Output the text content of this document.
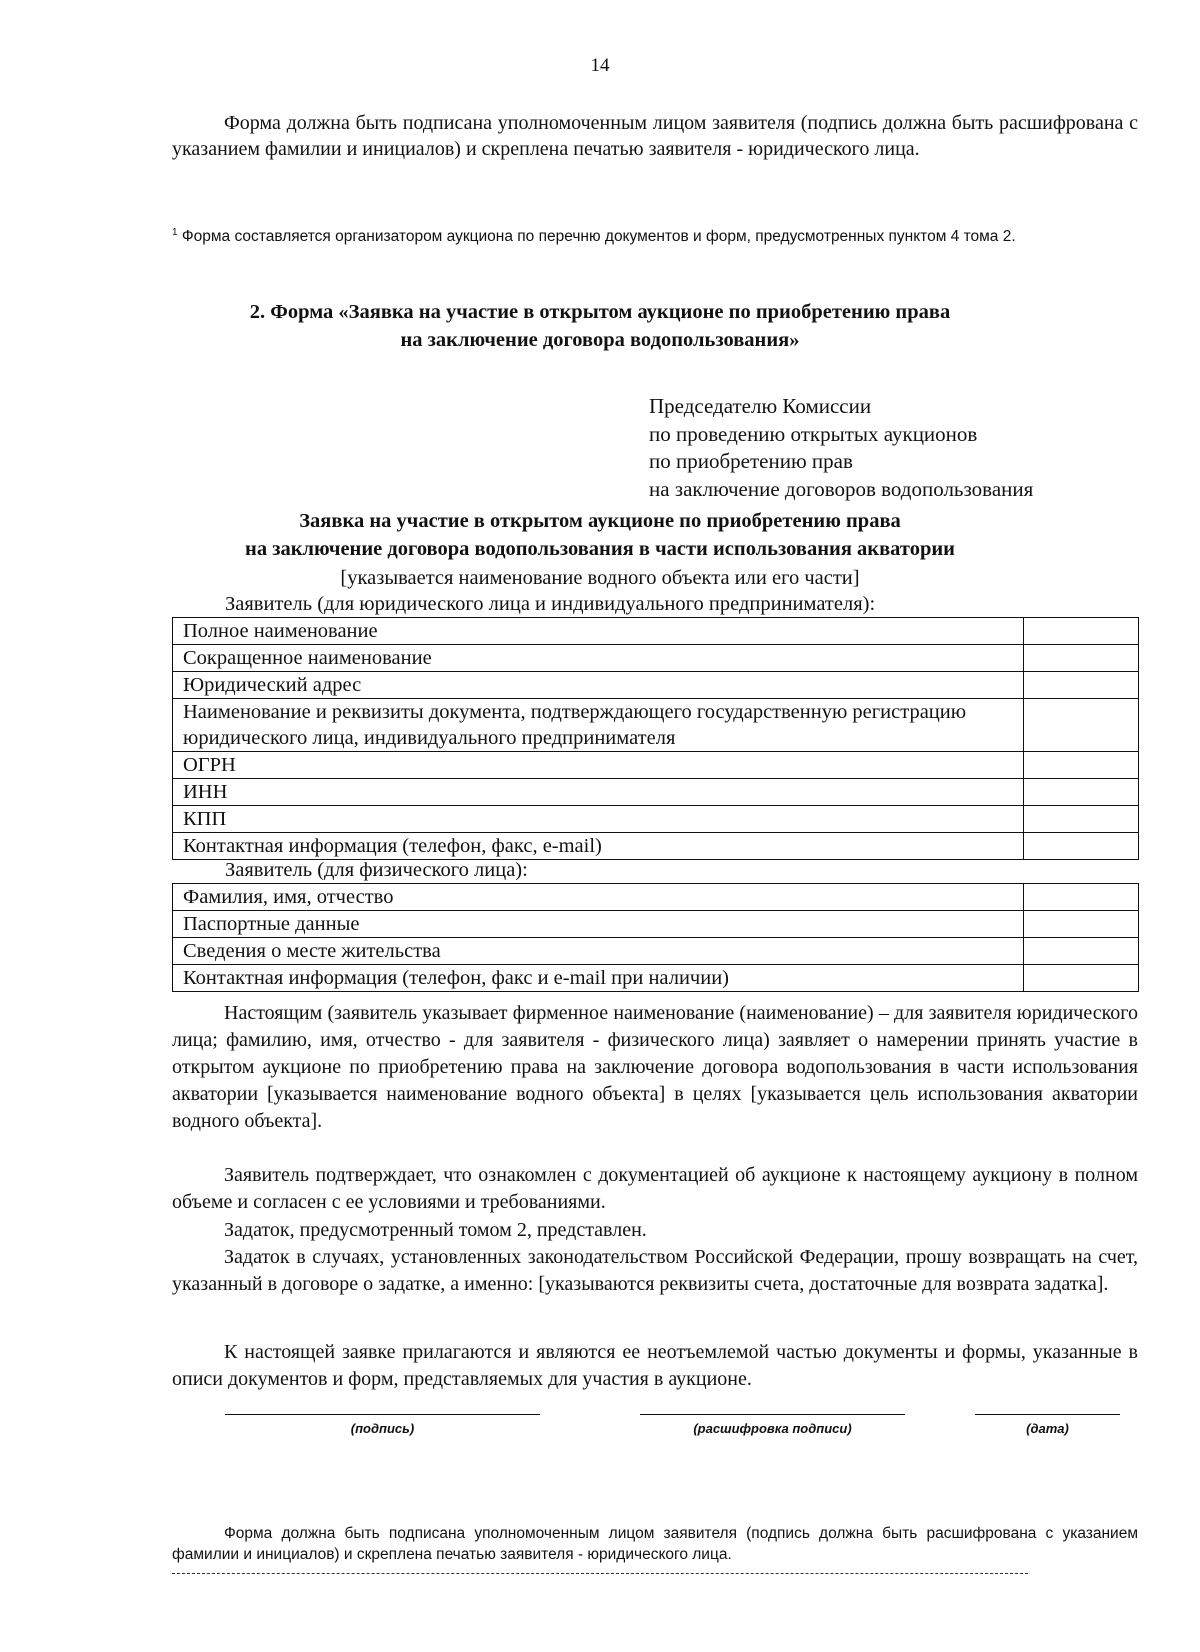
14
Форма должна быть подписана уполномоченным лицом заявителя (подпись должна быть расшифрована с указанием фамилии и инициалов) и скреплена печатью заявителя - юридического лица.
$^1$ Форма составляется организатором аукциона по перечню документов и форм, предусмотренных пунктом 4 тома 2.
2. Форма «Заявка на участие в открытом аукционе по приобретению права
на заключение договора водопользования»
Председателю Комиссии
по проведению открытых аукционов
по приобретению прав
на заключение договоров водопользования
Заявка на участие в открытом аукционе по приобретению права
на заключение договора водопользования в части использования акватории
[указывается наименование водного объекта или его части]
Заявитель (для юридического лица и индивидуального предпринимателя):
Полное наименование	
Сокращенное наименование	
Юридический адрес	
Наименование и реквизиты документа, подтверждающего государственную регистрацию юридического лица, индивидуального предпринимателя	
ОГРН	
ИНН	
КПП	
Контактная информация (телефон, факс, e-mail)	
Заявитель (для физического лица):
Фамилия, имя, отчество	
Паспортные данные	
Сведения о месте жительства	
Контактная информация (телефон, факс и e-mail при наличии)	
Настоящим (заявитель указывает фирменное наименование (наименование) – для заявителя юридического лица; фамилию, имя, отчество - для заявителя - физического лица) заявляет о намерении принять участие в открытом аукционе по приобретению права на заключение договора водопользования в части использования акватории [указывается наименование водного объекта] в целях [указывается цель использования акватории водного объекта].
Заявитель подтверждает, что ознакомлен с документацией об аукционе к настоящему аукциону в полном объеме и согласен с ее условиями и требованиями.
Задаток, предусмотренный томом 2, представлен.
Задаток в случаях, установленных законодательством Российской Федерации, прошу возвращать на счет, указанный в договоре о задатке, а именно: [указываются реквизиты счета, достаточные для возврата задатка].
К настоящей заявке прилагаются и являются ее неотъемлемой частью документы и формы, указанные в описи документов и форм, представляемых для участия в аукционе.
(подпись)	(расшифровка подписи)	(дата)
Форма должна быть подписана уполномоченным лицом заявителя (подпись должна быть расшифрована с указанием фамилии и инициалов) и скреплена печатью заявителя - юридического лица.
